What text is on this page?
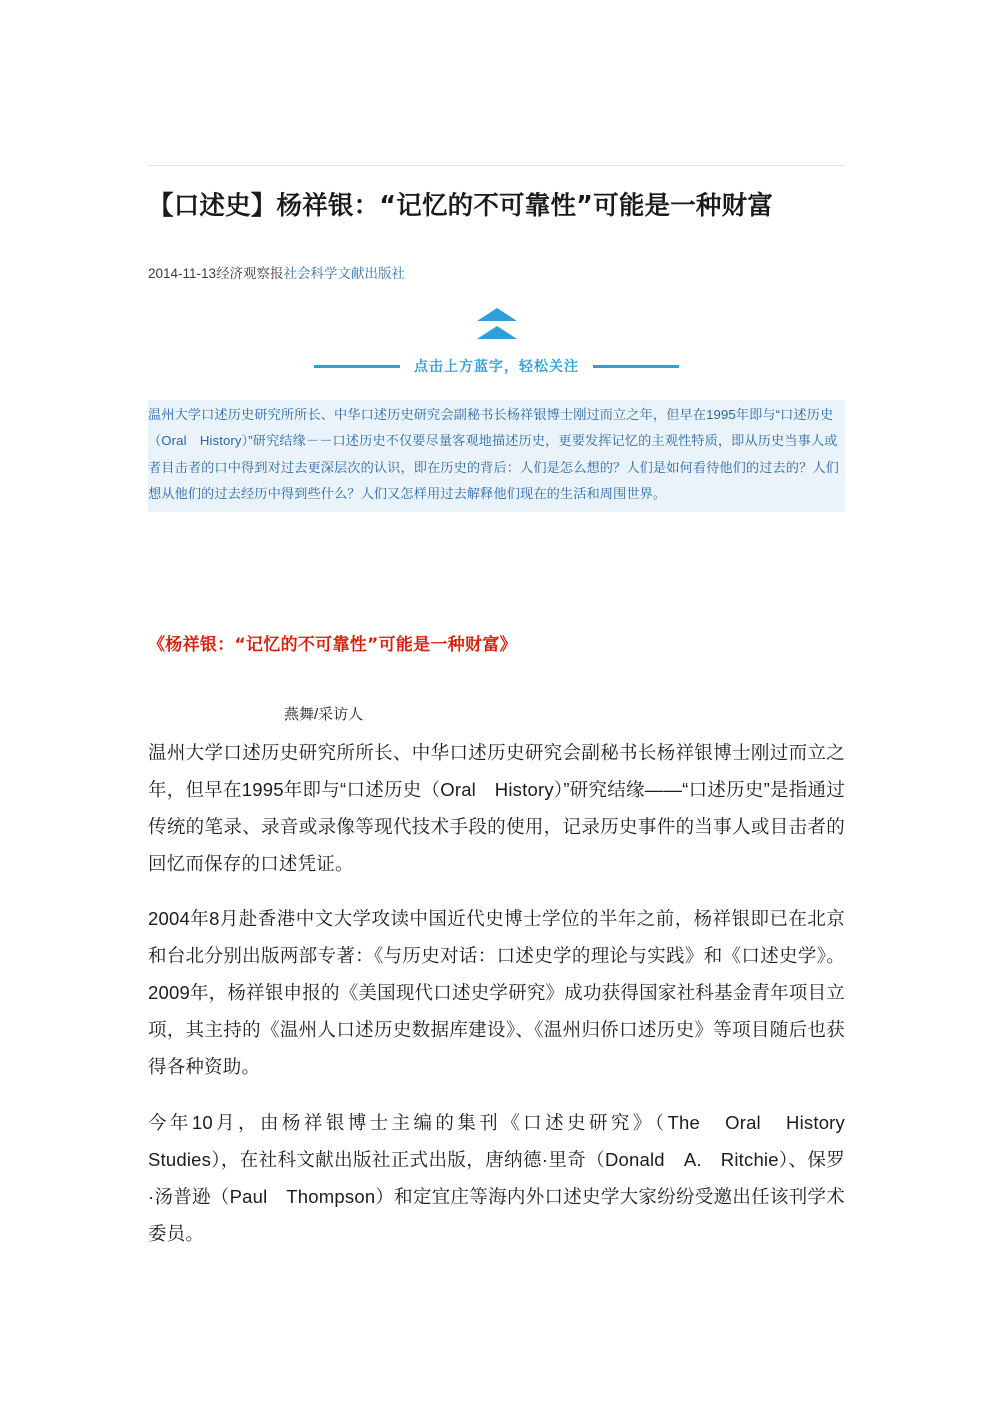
【口述史】杨祥银：“记忆的不可靠性”可能是一种财富
2014-11-13经济观察报社会科学文献出版社
点击上方蓝字，轻松关注
温州大学口述历史研究所所长、中华口述历史研究会副秘书长杨祥银博士刚过而立之年，但早在1995年即与“口述历史（Oral　History）”研究结缘－－口述历史不仅要尽量客观地描述历史，更要发挥记忆的主观性特质，即从历史当事人或者目击者的口中得到对过去更深层次的认识，即在历史的背后：人们是怎么想的？人们是如何看待他们的过去的？人们想从他们的过去经历中得到些什么？人们又怎样用过去解释他们现在的生活和周围世界。
《杨祥银：“记忆的不可靠性”可能是一种财富》
燕舞/采访人

温州大学口述历史研究所所长、中华口述历史研究会副秘书长杨祥银博士刚过而立之年，但早在1995年即与“口述历史（Oral　History）”研究结缘——“口述历史”是指通过传统的笔录、录音或录像等现代技术手段的使用，记录历史事件的当事人或目击者的回忆而保存的口述凭证。

2004年8月赴香港中文大学攻读中国近代史博士学位的半年之前，杨祥银即已在北京和台北分别出版两部专著：《与历史对话：口述史学的理论与实践》和《口述史学》。2009年，杨祥银申报的《美国现代口述史学研究》成功获得国家社科基金青年项目立项，其主持的《温州人口述历史数据库建设》、《温州归侨口述历史》等项目随后也获得各种资助。

今年10月，由杨祥银博士主编的集刊《口述史研究》（The　Oral　History　Studies），在社科文献出版社正式出版，唐纳德·里奇（Donald　A.　Ritchie）、保罗·汤普逊（Paul　Thompson）和定宜庄等海内外口述史学大家纷纷受邀出任该刊学术委员。
